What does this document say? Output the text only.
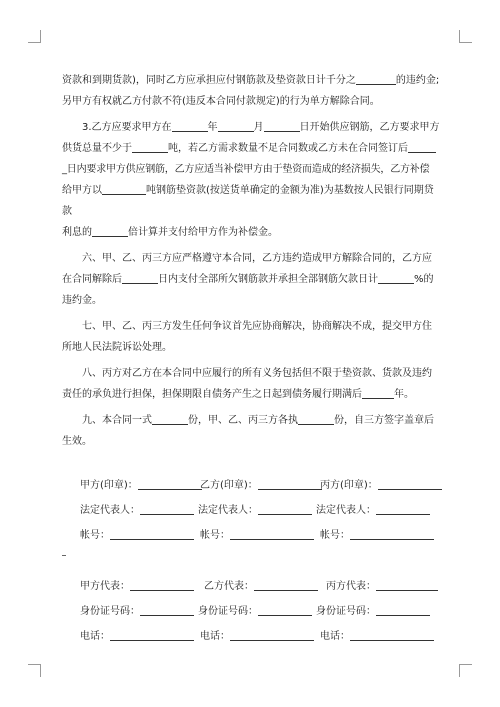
资款和到期货款)，同时乙方应承担应付钢筋款及垫资款日计千分之	的违约金;

另甲方有权就乙方付款不符(违反本合同付款规定)的行为单方解除合同。

3.乙方应要求甲方在	年	月	日开始供应钢筋，乙方要求甲方

供货总量不少于	吨，若乙方需求数量不足合同数或乙方未在合同签订后

_日内要求甲方供应钢筋，乙方应适当补偿甲方由于垫资而造成的经济损失，乙方补偿

给甲方以	吨钢筋垫资款(按送货单确定的金额为准)为基数按人民银行同期贷款

利息的	倍计算并支付给甲方作为补偿金。

六、甲、乙、丙三方应严格遵守本合同，乙方违约造成甲方解除合同的，乙方应

在合同解除后	日内支付全部所欠钢筋款并承担全部钢筋欠款日计	%的

违约金。

七、甲、乙、丙三方发生任何争议首先应协商解决，协商解决不成，提交甲方住

所地人民法院诉讼处理。

八、丙方对乙方在本合同中应履行的所有义务包括但不限于垫资款、货款及违约

责任的承负进行担保，担保期限自债务产生之日起到债务履行期满后	年。

九、本合同一式	份，甲、乙、丙三方各执	份，自三方签字盖章后

生效。

甲方(印章)：	乙方(印章)：	丙方(印章)：
法定代表人：	法定代表人：	法定代表人：
帐号：	帐号：	帐号：
甲方代表：	乙方代表：	丙方代表：
身份证号码：	身份证号码：	身份证号码：
电话：	电话：	电话：
